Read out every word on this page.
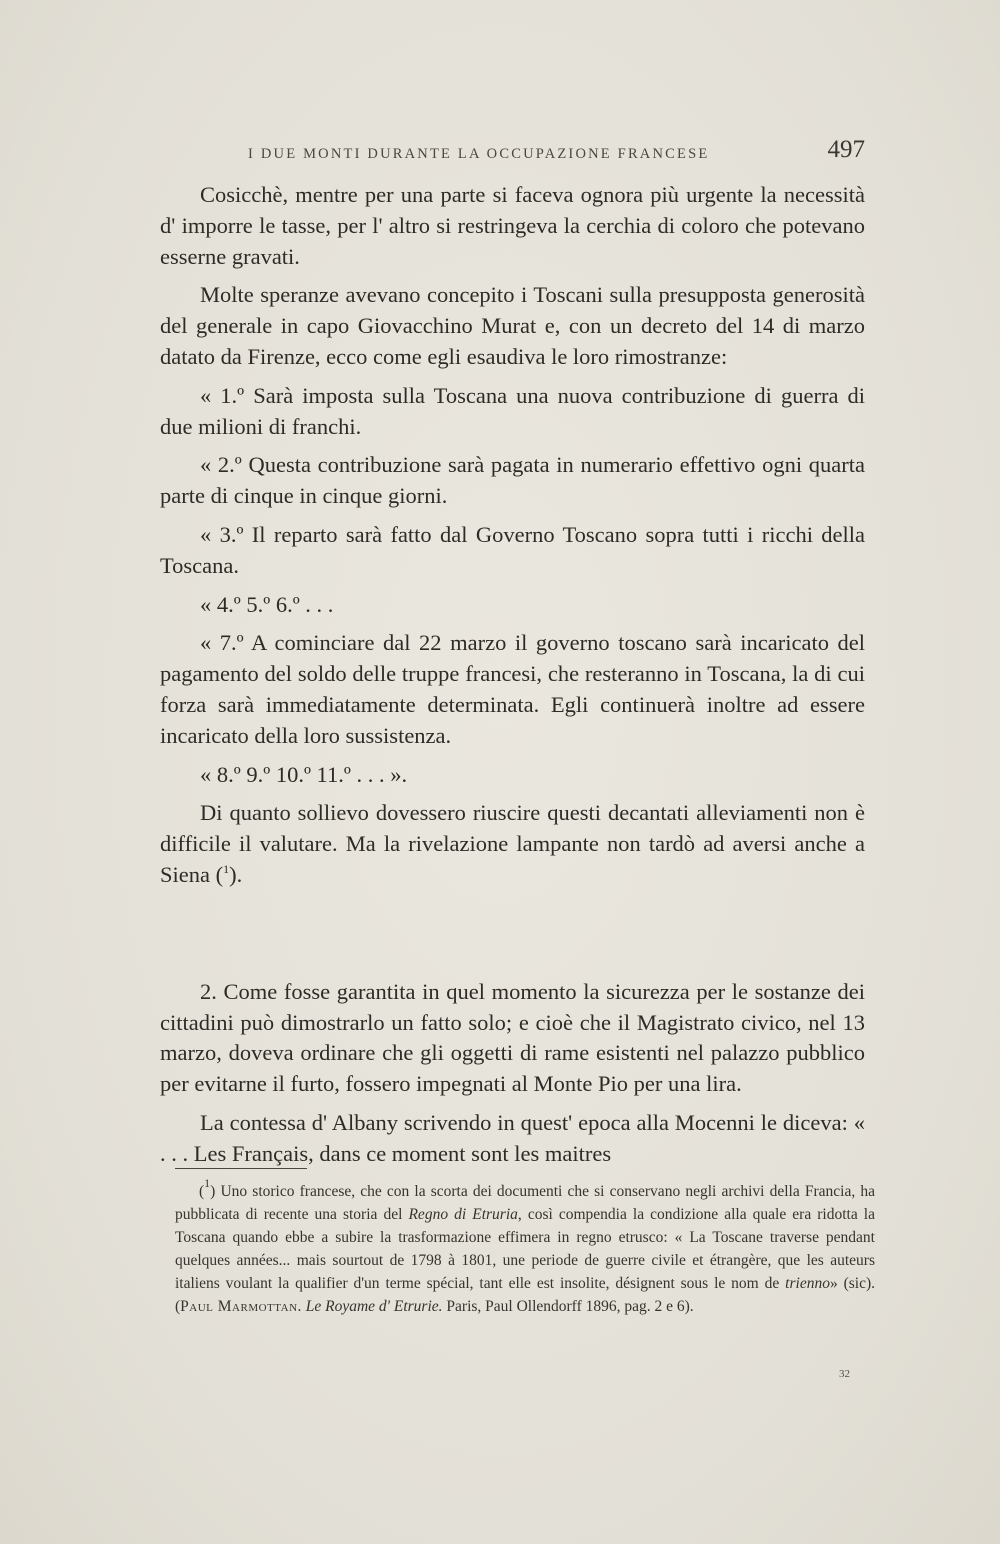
I DUE MONTI DURANTE LA OCCUPAZIONE FRANCESE	497

Cosicchè, mentre per una parte si faceva ognora più urgente la necessità d' imporre le tasse, per l' altro si restringeva la cerchia di coloro che potevano esserne gravati.

Molte speranze avevano concepito i Toscani sulla presupposta generosità del generale in capo Giovacchino Murat e, con un decreto del 14 di marzo datato da Firenze, ecco come egli esaudiva le loro rimostranze:

« 1.º Sarà imposta sulla Toscana una nuova contribuzione di guerra di due milioni di franchi.

« 2.º Questa contribuzione sarà pagata in numerario effettivo ogni quarta parte di cinque in cinque giorni.

« 3.º Il reparto sarà fatto dal Governo Toscano sopra tutti i ricchi della Toscana.

« 4.º 5.º 6.º . . .

« 7.º A cominciare dal 22 marzo il governo toscano sarà incaricato del pagamento del soldo delle truppe francesi, che resteranno in Toscana, la di cui forza sarà immediatamente determinata. Egli continuerà inoltre ad essere incaricato della loro sussistenza.

« 8.º 9.º 10.º 11.º . . . ».

Di quanto sollievo dovessero riuscire questi decantati alleviamenti non è difficile il valutare. Ma la rivelazione lampante non tardò ad aversi anche a Siena ($^1$).

2. Come fosse garantita in quel momento la sicurezza per le sostanze dei cittadini può dimostrarlo un fatto solo; e cioè che il Magistrato civico, nel 13 marzo, doveva ordinare che gli oggetti di rame esistenti nel palazzo pubblico per evitarne il furto, fossero impegnati al Monte Pio per una lira.

La contessa d' Albany scrivendo in quest' epoca alla Mocenni le diceva: « . . . Les Français, dans ce moment sont les maitres

($^1$) Uno storico francese, che con la scorta dei documenti che si conservano negli archivi della Francia, ha pubblicata di recente una storia del Regno di Etruria, così compendia la condizione alla quale era ridotta la Toscana quando ebbe a subire la trasformazione effimera in regno etrusco: « La Toscane traverse pendant quelques années... mais sourtout de 1798 à 1801, une periode de guerre civile et étrangère, que les auteurs italiens voulant la qualifier d'un terme spécial, tant elle est insolite, désignent sous le nom de trienno» (sic). (Paul Marmottan. Le Royame d' Etrurie. Paris, Paul Ollendorff 1896, pag. 2 e 6).

32
